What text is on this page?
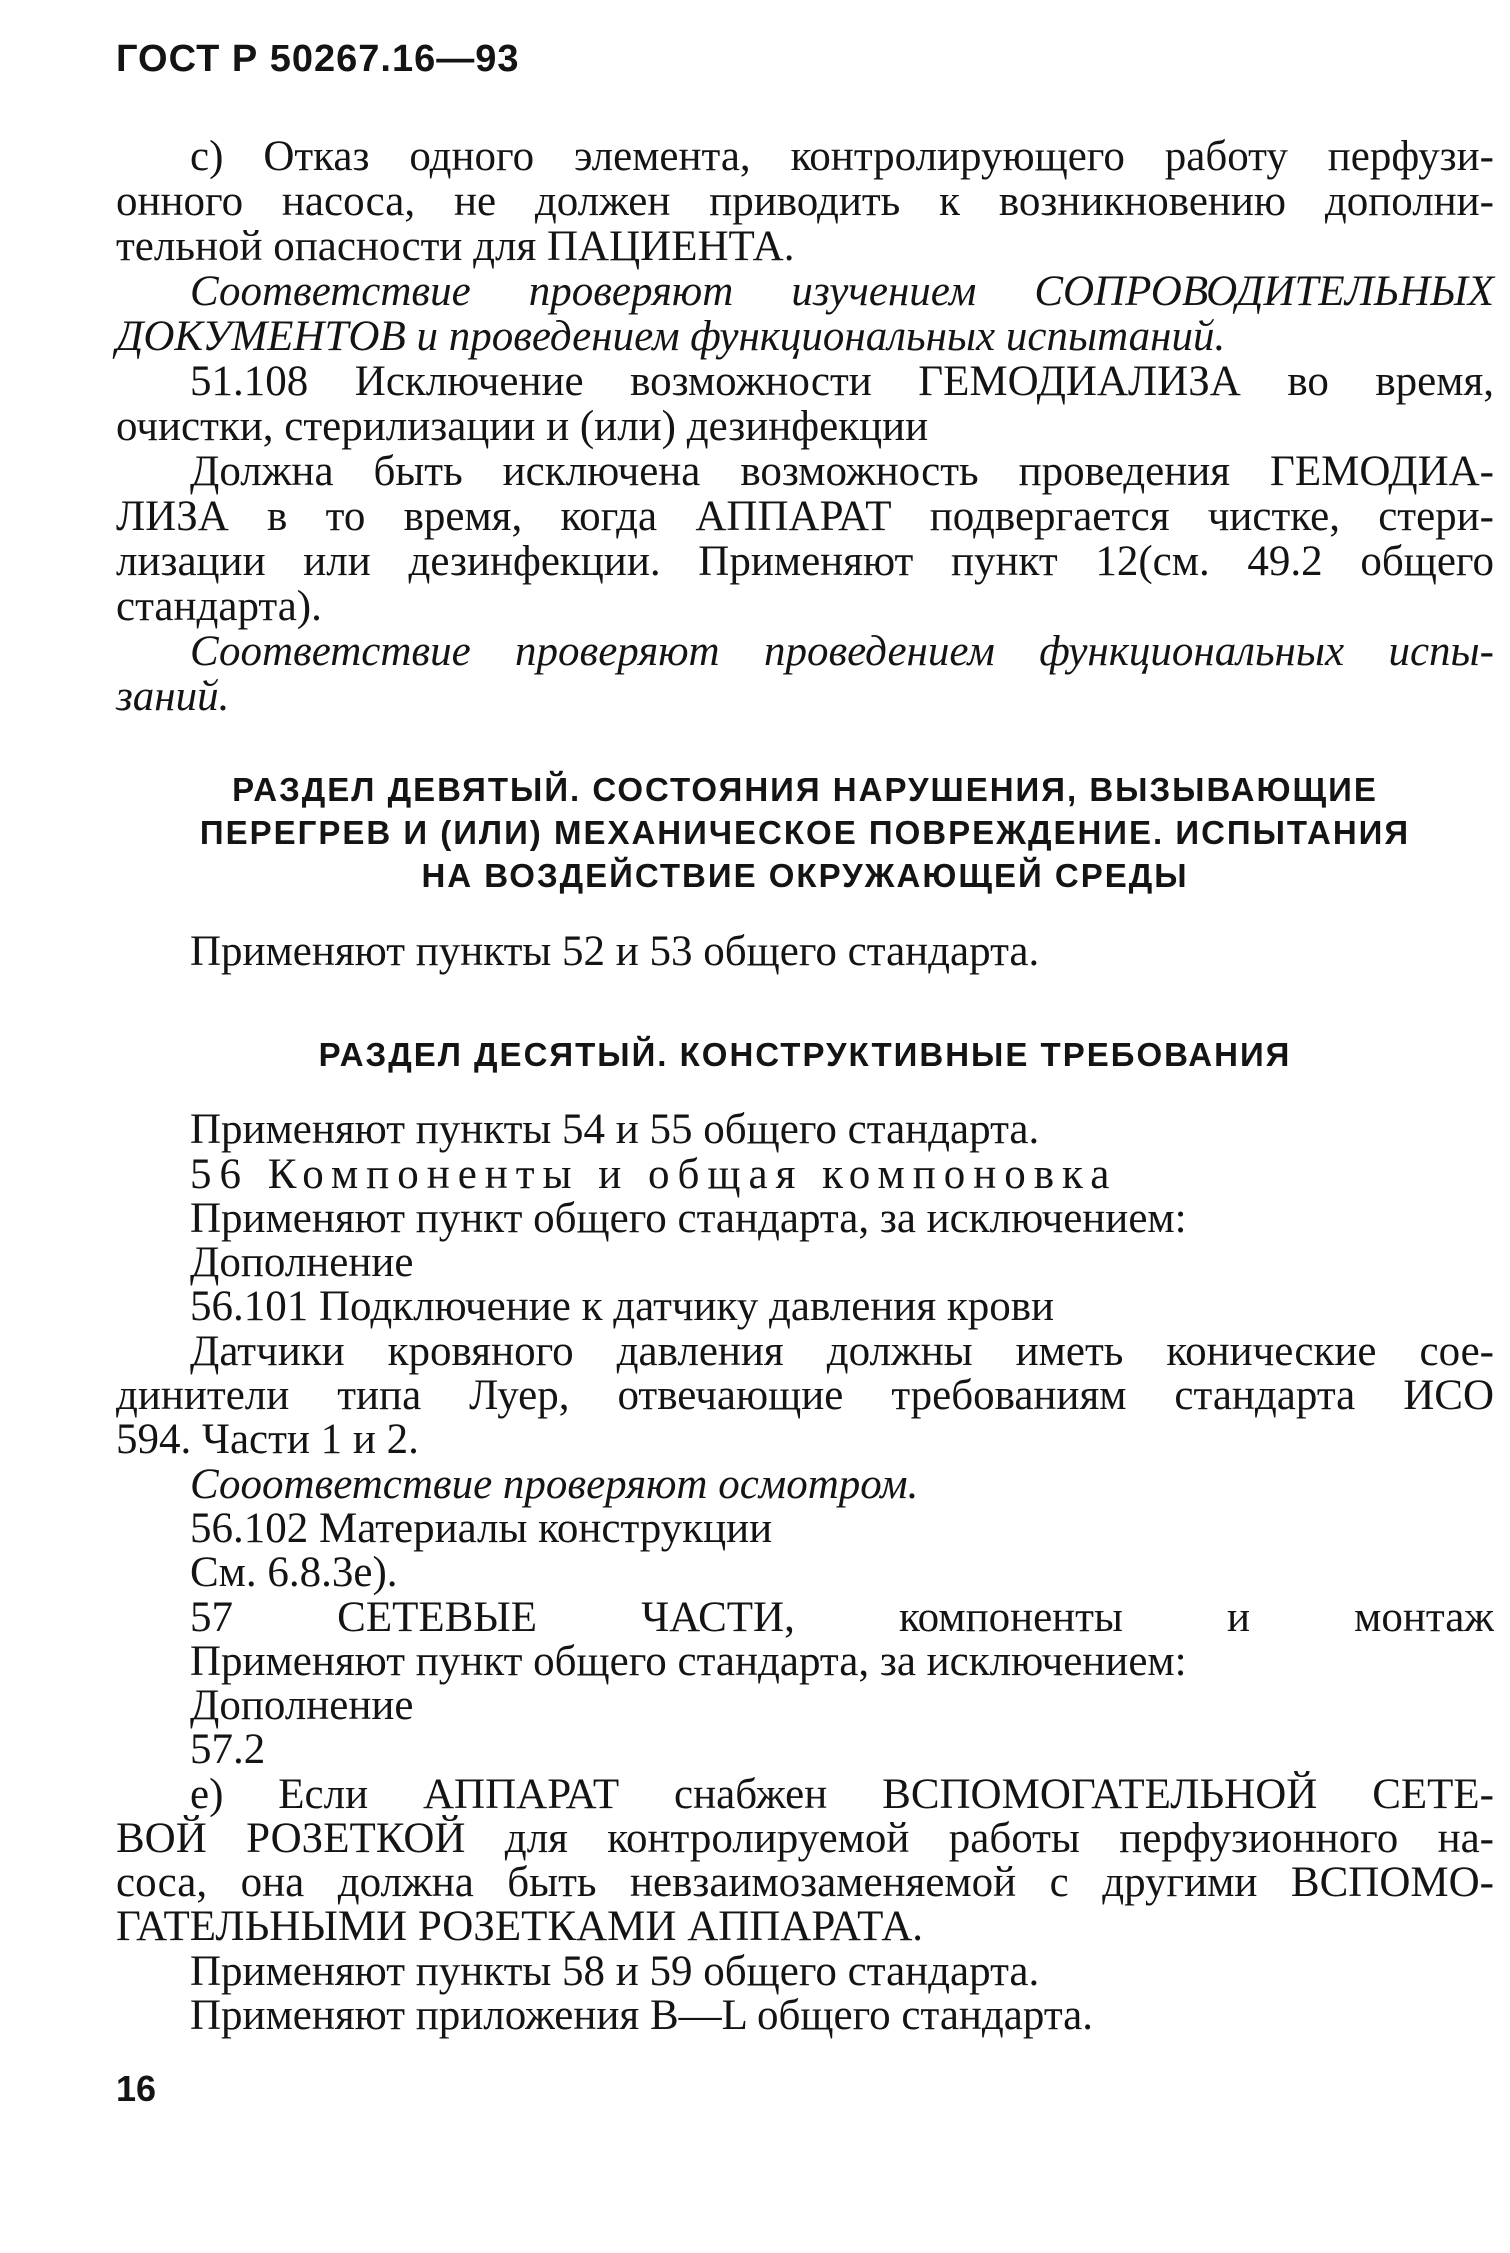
ГОСТ Р 50267.16—93
с) Отказ одного элемента, контролирующего работу перфузи-
онного насоса, не должен приводить к возникновению дополни-
тельной опасности для ПАЦИЕНТА.
Соответствие проверяют изучением СОПРОВОДИТЕЛЬНЫХ
ДОКУМЕНТОВ и проведением функциональных испытаний.
51.108 Исключение возможности ГЕМОДИАЛИЗА во время,
очистки, стерилизации и (или) дезинфекции
Должна быть исключена возможность проведения ГЕМОДИА-
ЛИЗА в то время, когда АППАРАТ подвергается чистке, стери-
лизации или дезинфекции. Применяют пункт 12(см. 49.2 общего
стандарта).
Соответствие проверяют проведением функциональных испы-
заний.
РАЗДЕЛ ДЕВЯТЫЙ. СОСТОЯНИЯ НАРУШЕНИЯ, ВЫЗЫВАЮЩИЕ
ПЕРЕГРЕВ И (ИЛИ) МЕХАНИЧЕСКОЕ ПОВРЕЖДЕНИЕ. ИСПЫТАНИЯ
НА ВОЗДЕЙСТВИЕ ОКРУЖАЮЩЕЙ СРЕДЫ
Применяют пункты 52 и 53 общего стандарта.
РАЗДЕЛ ДЕСЯТЫЙ. КОНСТРУКТИВНЫЕ ТРЕБОВАНИЯ
Применяют пункты 54 и 55 общего стандарта.
56 Компоненты и общая компоновка
Применяют пункт общего стандарта, за исключением:
Дополнение
56.101 Подключение к датчику давления крови
Датчики кровяного давления должны иметь конические сое-
динители типа Луер, отвечающие требованиям стандарта ИСО
594. Части 1 и 2.
Сооответствие проверяют осмотром.
56.102 Материалы конструкции
См. 6.8.3е).
57 СЕТЕВЫЕ ЧАСТИ, компоненты и монтаж
Применяют пункт общего стандарта, за исключением:
Дополнение
57.2
е) Если АППАРАТ снабжен ВСПОМОГАТЕЛЬНОЙ СЕТЕ-
ВОЙ РОЗЕТКОЙ для контролируемой работы перфузионного на-
соса, она должна быть невзаимозаменяемой с другими ВСПОМО-
ГАТЕЛЬНЫМИ РОЗЕТКАМИ АППАРАТА.
Применяют пункты 58 и 59 общего стандарта.
Применяют приложения В—L общего стандарта.
16
